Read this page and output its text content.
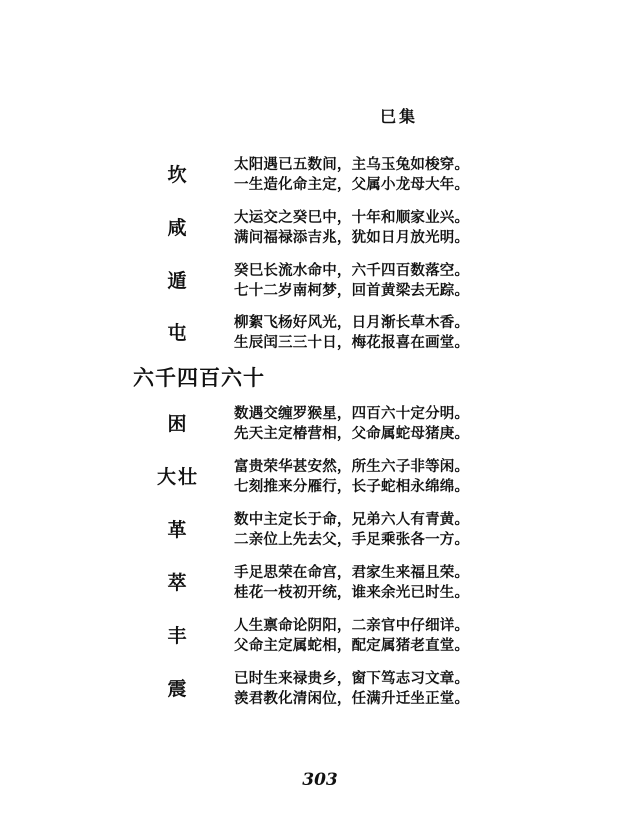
巳集
坎	太阳遇已五数间，主乌玉兔如梭穿。
一生造化命主定，父属小龙母大年。
咸	大运交之癸巳中，十年和顺家业兴。
满问福禄添吉兆，犹如日月放光明。
遁	癸巳长流水命中，六千四百数落空。
七十二岁南柯梦，回首黄梁去无踪。
屯	柳絮飞杨好风光，日月渐长草木香。
生辰闰三三十日，梅花报喜在画堂。
六千四百六十
困	数遇交缠罗猴星，四百六十定分明。
先天主定椿营相，父命属蛇母猪庚。
大壮	富贵荣华甚安然，所生六子非等闲。
七刻推来分雁行，长子蛇相永绵绵。
革	数中主定长于命，兄弟六人有青黄。
二亲位上先去父，手足乘张各一方。
萃	手足思荣在命宫，君家生来福且荣。
桂花一枝初开统，谁来余光已时生。
丰	人生禀命论阴阳，二亲官中仔细详。
父命主定属蛇相，配定属猪老直堂。
震	已时生来禄贵乡，窗下笃志习文章。
羡君教化清闲位，任满升迁坐正堂。
303
